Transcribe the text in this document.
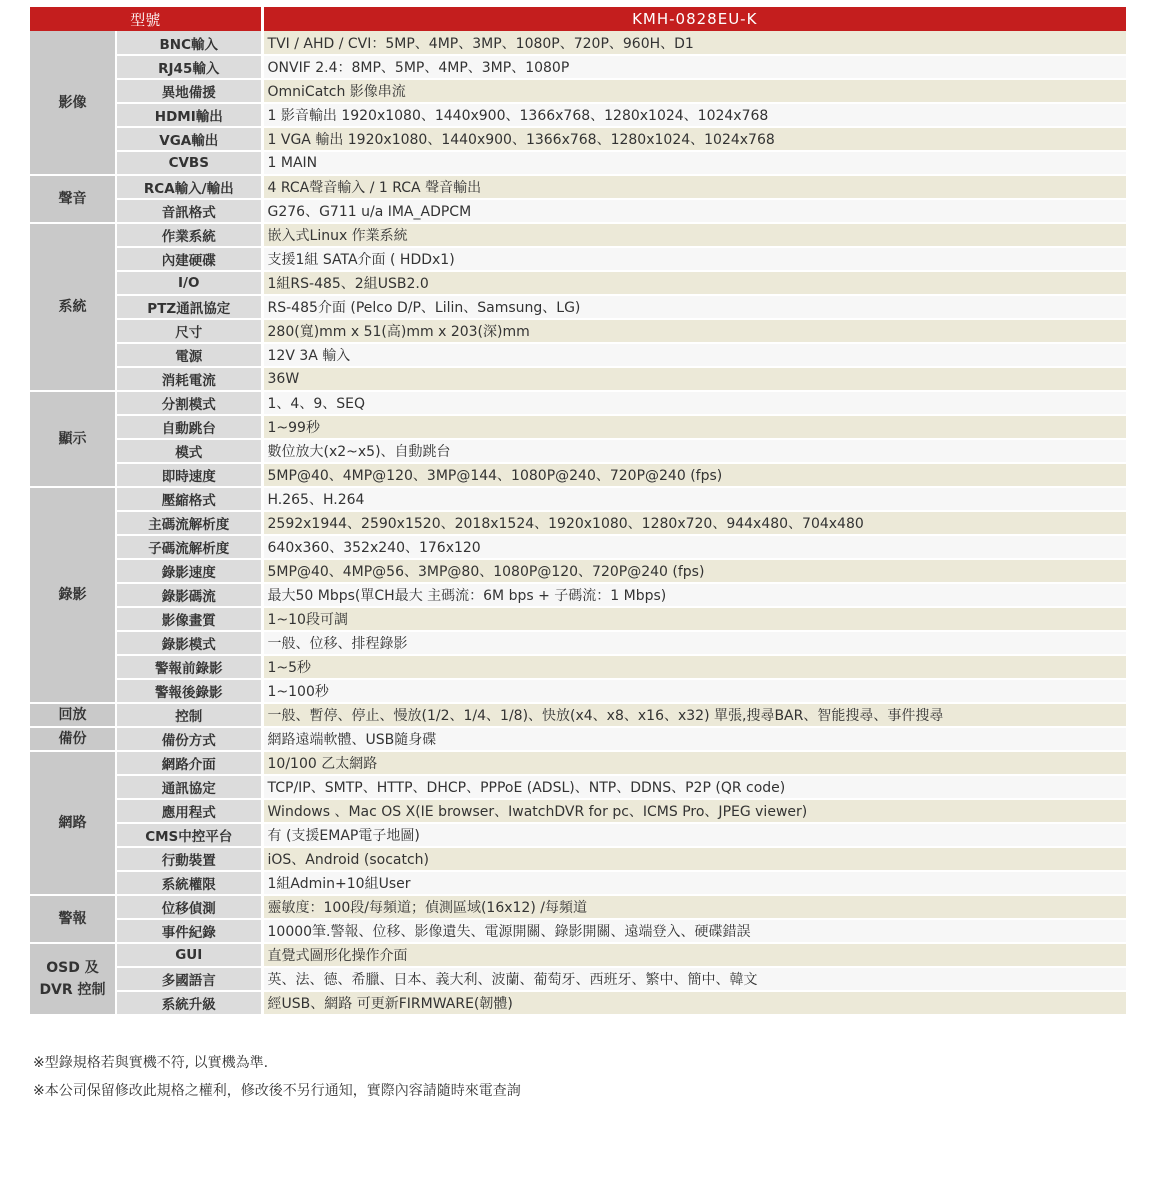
型號		KMH-0828EU-K
影像	BNC輸入	TVI / AHD / CVI：5MP、4MP、3MP、1080P、720P、960H、D1
	RJ45輸入	ONVIF 2.4：8MP、5MP、4MP、3MP、1080P
	異地備援	OmniCatch 影像串流
	HDMI輸出	1 影音輸出 1920x1080、1440x900、1366x768、1280x1024、1024x768
	VGA輸出	1 VGA 輸出 1920x1080、1440x900、1366x768、1280x1024、1024x768
	CVBS	1 MAIN
聲音	RCA輸入/輸出	4 RCA聲音輸入 / 1 RCA 聲音輸出
	音訊格式	G276、G711 u/a IMA_ADPCM
系統	作業系統	嵌入式Linux 作業系統
	內建硬碟	支援1組 SATA介面 ( HDDx1)
	I/O	1組RS-485、2組USB2.0
	PTZ通訊協定	RS-485介面 (Pelco D/P、Lilin、Samsung、LG)
	尺寸	280(寬)mm x 51(高)mm x 203(深)mm
	電源	12V 3A 輸入
	消耗電流	36W
顯示	分割模式	1、4、9、SEQ
	自動跳台	1~99秒
	模式	數位放大(x2~x5)、自動跳台
	即時速度	5MP@40、4MP@120、3MP@144、1080P@240、720P@240 (fps)
錄影	壓縮格式	H.265、H.264
	主碼流解析度	2592x1944、2590x1520、2018x1524、1920x1080、1280x720、944x480、704x480
	子碼流解析度	640x360、352x240、176x120
	錄影速度	5MP@40、4MP@56、3MP@80、1080P@120、720P@240 (fps)
	錄影碼流	最大50 Mbps(單CH最大 主碼流：6M bps + 子碼流：1 Mbps)
	影像畫質	1~10段可調
	錄影模式	一般、位移、排程錄影
	警報前錄影	1~5秒
	警報後錄影	1~100秒
回放	控制	一般、暫停、停止、慢放(1/2、1/4、1/8)、快放(x4、x8、x16、x32) 單張,搜尋BAR、智能搜尋、事件搜尋
備份	備份方式	網路遠端軟體、USB隨身碟
網路	網路介面	10/100 乙太網路
	通訊協定	TCP/IP、SMTP、HTTP、DHCP、PPPoE (ADSL)、NTP、DDNS、P2P (QR code)
	應用程式	Windows 、Mac OS X(IE browser、IwatchDVR for pc、ICMS Pro、JPEG viewer)
	CMS中控平台	有 (支援EMAP電子地圖)
	行動裝置	iOS、Android (socatch)
	系統權限	1組Admin+10組User
警報	位移偵測	靈敏度：100段/每頻道；偵測區域(16x12) /每頻道
	事件紀錄	10000筆.警報、位移、影像遺失、電源開關、錄影開關、遠端登入、硬碟錯誤
OSD 及 DVR 控制	GUI	直覺式圖形化操作介面
	多國語言	英、法、德、希臘、日本、義大利、波蘭、葡萄牙、西班牙、繁中、簡中、韓文
	系統升級	經USB、網路 可更新FIRMWARE(韌體)
※型錄規格若與實機不符, 以實機為準.
※本公司保留修改此規格之權利，修改後不另行通知，實際內容請隨時來電查詢
